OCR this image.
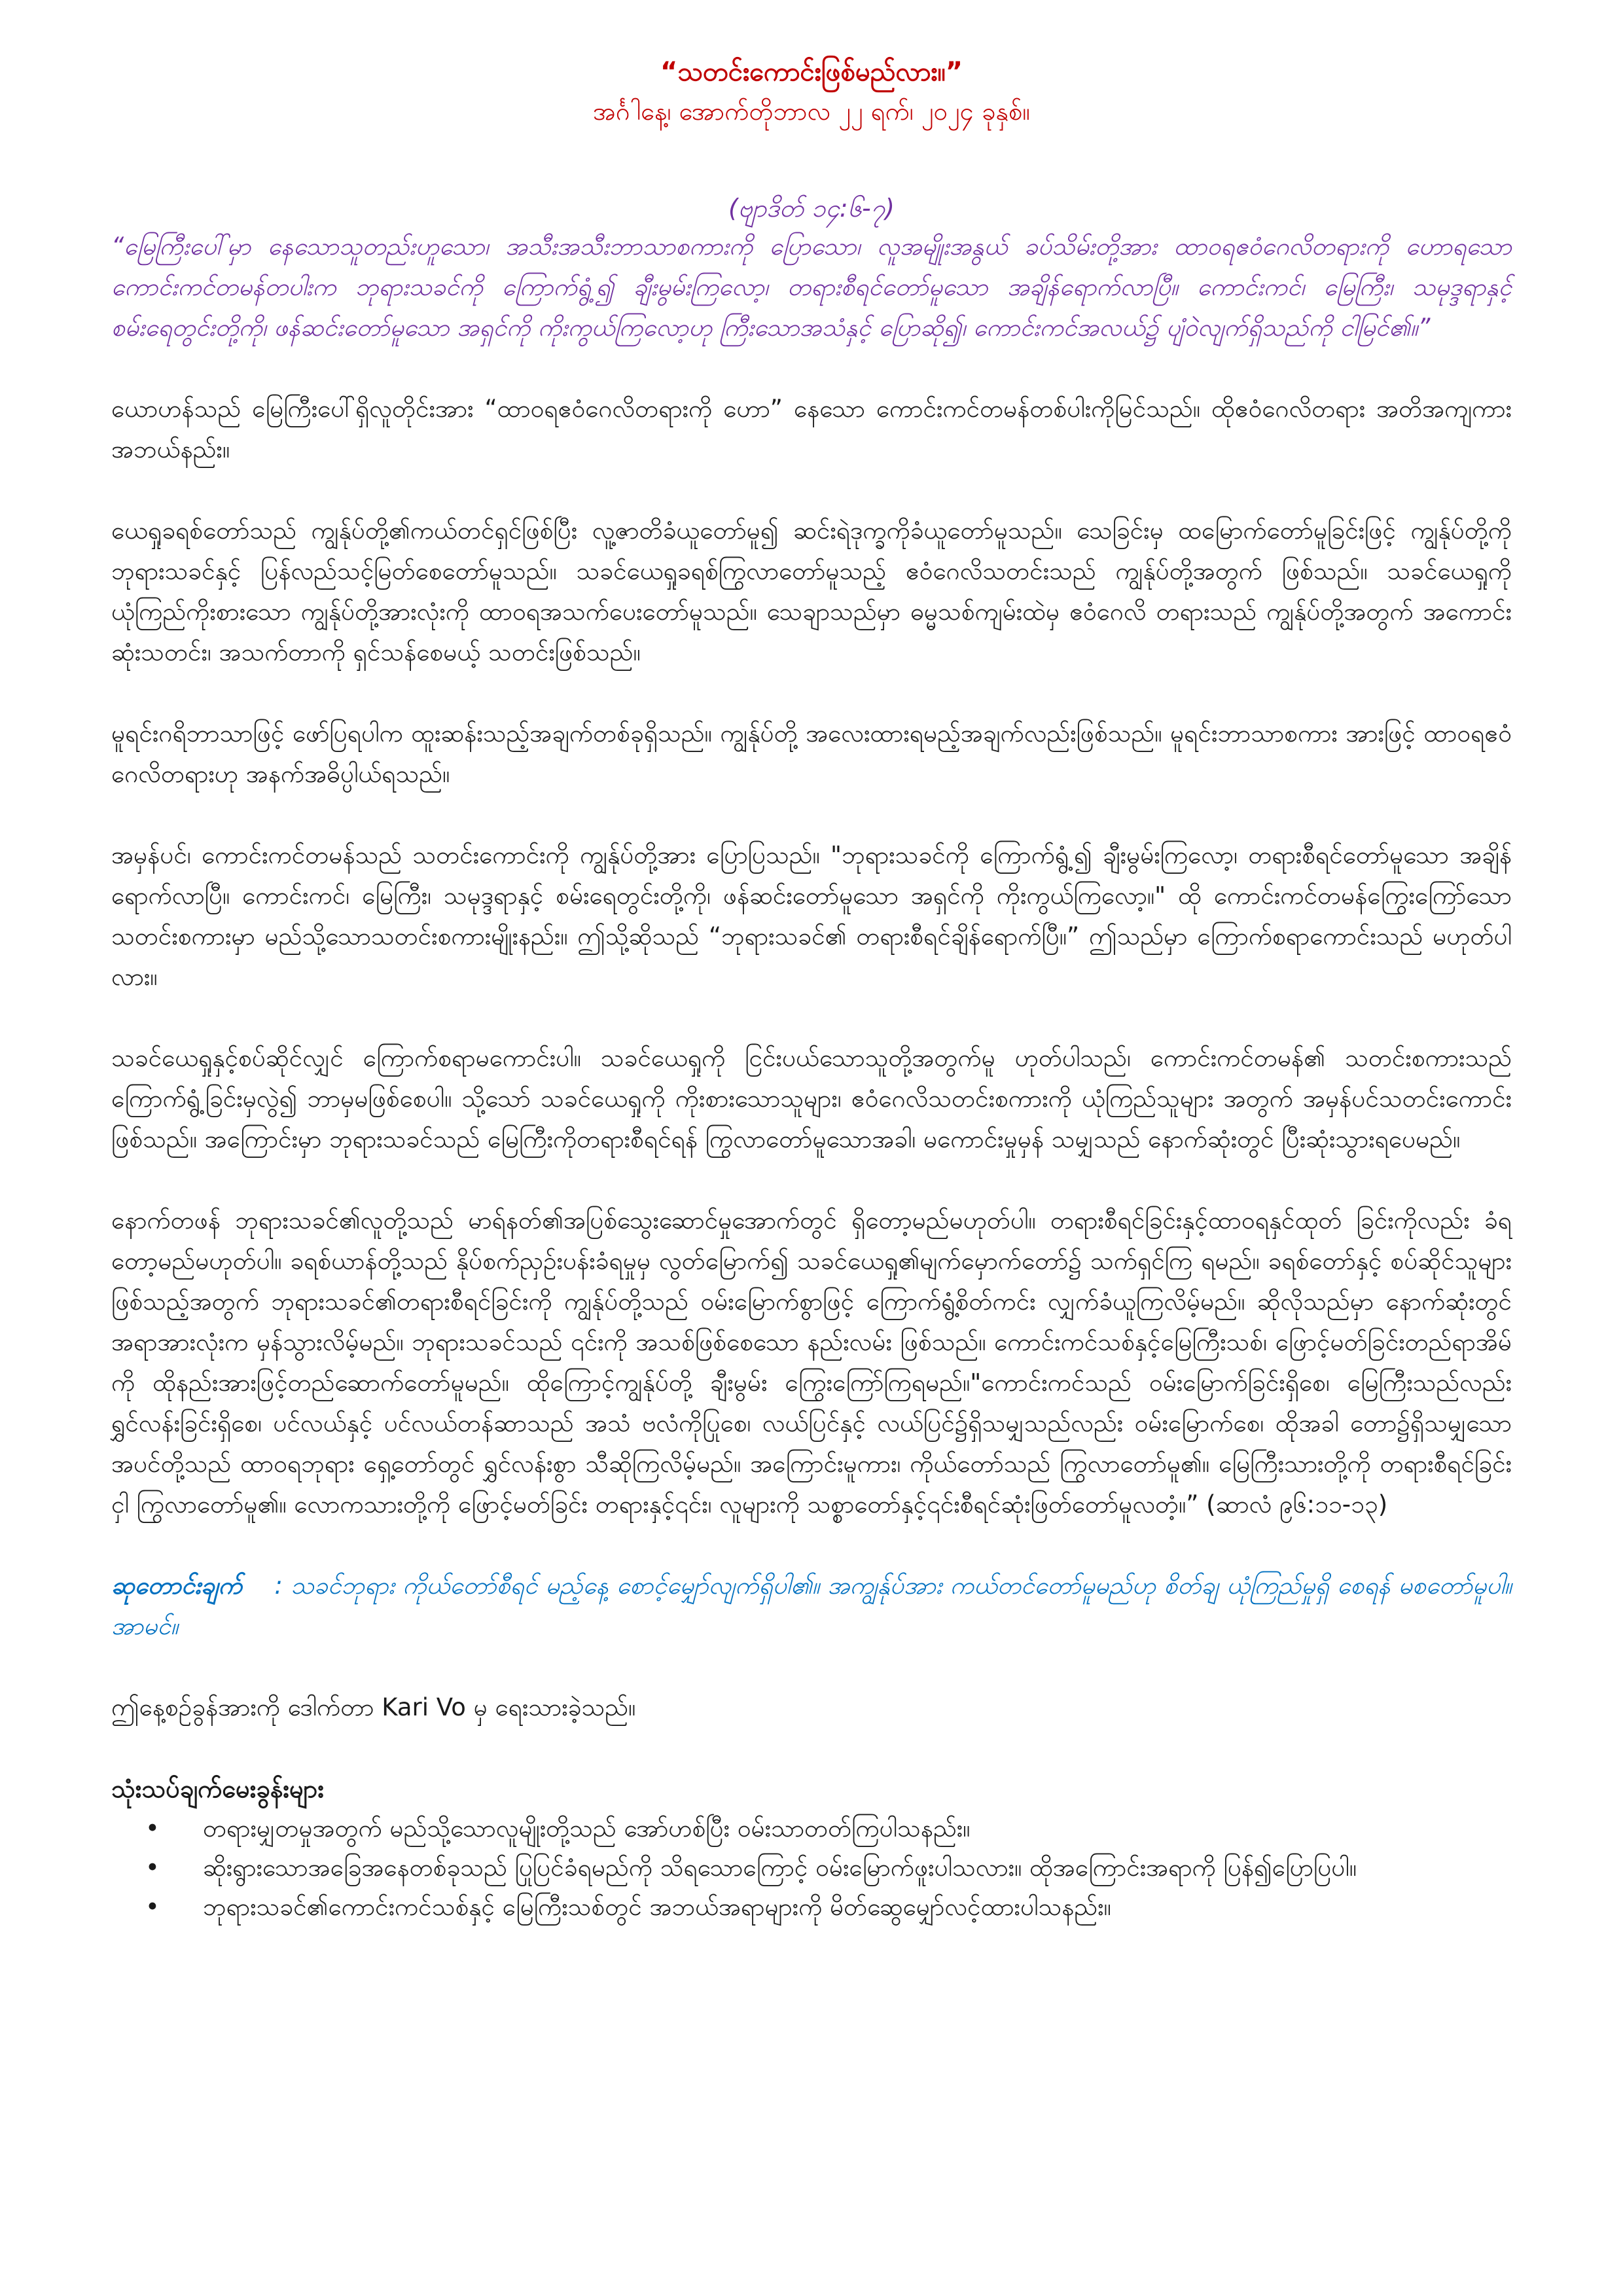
“သတင်းကောင်းဖြစ်မည်လား။”

အင်္ဂါနေ့၊ အောက်တိုဘာလ ၂၂ ရက်၊ ၂၀၂၄ ခုနှစ်။

(ဗျာဒိတ် ၁၄:၆-၇)

“မြေကြီးပေါ်မှာ နေသောသူတည်းဟူသော၊ အသီးအသီးဘာသာစကားကို ပြောသော၊ လူအမျိုးအနွယ် ခပ်သိမ်းတို့အား ထာဝရဧဝံဂေလိတရားကို ဟောရသော ကောင်းကင်တမန်တပါးက ဘုရားသခင်ကို ကြောက်ရွံ့၍ ချီးမွမ်းကြလော့၊ တရားစီရင်တော်မူသော အချိန်ရောက်လာပြီ။ ကောင်းကင်၊ မြေကြီး၊ သမုဒ္ဒရာနှင့် စမ်းရေတွင်းတို့ကို၊ ဖန်ဆင်းတော်မူသော အရှင်ကို ကိုးကွယ်ကြလော့ဟု ကြီးသောအသံနှင့် ပြောဆို၍၊ ကောင်းကင်အလယ်၌ ပျံဝဲလျက်ရှိသည်ကို ငါမြင်၏။”

ယောဟန်သည် မြေကြီးပေါ်ရှိလူတိုင်းအား “ထာဝရဧဝံဂေလိတရားကို ဟော” နေသော ကောင်းကင်တမန်တစ်ပါးကိုမြင်သည်။ ထိုဧဝံဂေလိတရား အတိအကျကား အဘယ်နည်း။

ယေရှုခရစ်တော်သည် ကျွန်ုပ်တို့၏ကယ်တင်ရှင်ဖြစ်ပြီး လူ့ဇာတိခံယူတော်မူ၍ ဆင်းရဲဒုက္ခကိုခံယူတော်မူသည်။ သေခြင်းမှ ထမြောက်တော်မူခြင်းဖြင့် ကျွန်ုပ်တို့ကို ဘုရားသခင်နှင့် ပြန်လည်သင့်မြတ်စေတော်မူသည်။ သခင်ယေရှုခရစ်ကြွလာတော်မူသည့် ဧဝံဂေလိသတင်းသည် ကျွန်ုပ်တို့အတွက် ဖြစ်သည်။ သခင်ယေရှုကိုယုံကြည်ကိုးစားသော ကျွန်ုပ်တို့အားလုံးကို ထာဝရအသက်ပေးတော်မူသည်။ သေချာသည်မှာ ဓမ္မသစ်ကျမ်းထဲမှ ဧဝံဂေလိ တရားသည် ကျွန်ုပ်တို့အတွက် အကောင်းဆုံးသတင်း၊ အသက်တာကို ရှင်သန်စေမယ့် သတင်းဖြစ်သည်။

မူရင်းဂရိဘာသာဖြင့် ဖော်ပြရပါက ထူးဆန်းသည့်အချက်တစ်ခုရှိသည်။ ကျွန်ုပ်တို့ အလေးထားရမည့်အချက်လည်းဖြစ်သည်။ မူရင်းဘာသာစကား အားဖြင့် ထာဝရဧဝံဂေလိတရားဟု အနက်အဓိပ္ပါယ်ရသည်။

အမှန်ပင်၊ ကောင်းကင်တမန်သည် သတင်းကောင်းကို ကျွန်ုပ်တို့အား ပြောပြသည်။ "ဘုရားသခင်ကို ကြောက်ရွံ့၍ ချီးမွမ်းကြလော့၊ တရားစီရင်တော်မူသော အချိန်ရောက်လာပြီ။ ကောင်းကင်၊ မြေကြီး၊ သမုဒ္ဒရာနှင့် စမ်းရေတွင်းတို့ကို၊ ဖန်ဆင်းတော်မူသော အရှင်ကို ကိုးကွယ်ကြလော့။" ထို ကောင်းကင်တမန်ကြွေးကြော်သောသတင်းစကားမှာ မည်သို့သောသတင်းစကားမျိုးနည်း။ ဤသို့ဆိုသည် “ဘုရားသခင်၏ တရားစီရင်ချိန်ရောက်ပြီ။” ဤသည်မှာ ကြောက်စရာကောင်းသည် မဟုတ်ပါလား။

သခင်ယေရှုနှင့်စပ်ဆိုင်လျှင် ကြောက်စရာမကောင်းပါ။ သခင်ယေရှုကို ငြင်းပယ်သောသူတို့အတွက်မူ ဟုတ်ပါသည်၊ ကောင်းကင်တမန်၏ သတင်းစကားသည် ကြောက်ရွံ့ခြင်းမှလွဲ၍ ဘာမှမဖြစ်စေပါ။ သို့သော် သခင်ယေရှုကို ကိုးစားသောသူများ၊ ဧဝံဂေလိသတင်းစကားကို ယုံကြည်သူများ အတွက် အမှန်ပင်သတင်းကောင်းဖြစ်သည်။ အကြောင်းမှာ ဘုရားသခင်သည် မြေကြီးကိုတရားစီရင်ရန် ကြွလာတော်မူသောအခါ၊ မကောင်းမှုမှန် သမျှသည် နောက်ဆုံးတွင် ပြီးဆုံးသွားရပေမည်။

နောက်တဖန် ဘုရားသခင်၏လူတို့သည် မာရ်နတ်၏အပြစ်သွေးဆောင်မှုအောက်တွင် ရှိတော့မည်မဟုတ်ပါ။ တရားစီရင်ခြင်းနှင့်ထာဝရနှင်ထုတ် ခြင်းကိုလည်း ခံရတော့မည်မဟုတ်ပါ။ ခရစ်ယာန်တို့သည် နိုပ်စက်ညှဥ်းပန်းခံရမှုမှ လွတ်မြောက်၍ သခင်ယေရှု၏မျက်မှောက်တော်၌ သက်ရှင်ကြ ရမည်။ ခရစ်တော်နှင့် စပ်ဆိုင်သူများဖြစ်သည့်အတွက် ဘုရားသခင်၏တရားစီရင်ခြင်းကို ကျွန်ုပ်တို့သည် ဝမ်းမြောက်စွာဖြင့် ကြောက်ရွံ့စိတ်ကင်း လျှက်ခံယူကြလိမ့်မည်။ ဆိုလိုသည်မှာ နောက်ဆုံးတွင် အရာအားလုံးက မှန်သွားလိမ့်မည်။ ဘုရားသခင်သည် ၎င်းကို အသစ်ဖြစ်စေသော နည်းလမ်း ဖြစ်သည်။ ကောင်းကင်သစ်နှင့်မြေကြီးသစ်၊ ဖြောင့်မတ်ခြင်းတည်ရာအိမ်ကို ထိုနည်းအားဖြင့်တည်ဆောက်တော်မူမည်။ ထိုကြောင့်ကျွန်ုပ်တို့ ချီးမွမ်း ကြွေးကြော်ကြရမည်။"ကောင်းကင်သည် ဝမ်းမြောက်ခြင်းရှိစေ၊ မြေကြီးသည်လည်း ရွှင်လန်းခြင်းရှိစေ၊ ပင်လယ်နှင့် ပင်လယ်တန်ဆာသည် အသံ ဗလံကိုပြုစေ၊ လယ်ပြင်နှင့် လယ်ပြင်၌ရှိသမျှသည်လည်း ဝမ်းမြောက်စေ၊ ထိုအခါ တော၌ရှိသမျှသော အပင်တို့သည် ထာဝရဘုရား ရှေ့တော်တွင် ရွှင်လန်းစွာ သီဆိုကြလိမ့်မည်။ အကြောင်းမူကား၊ ကိုယ်တော်သည် ကြွလာတော်မူ၏။ မြေကြီးသားတို့ကို တရားစီရင်ခြင်းငှါ ကြွလာတော်မူ၏။ လောကသားတို့ကို ဖြောင့်မတ်ခြင်း တရားနှင့်၎င်း၊ လူများကို သစ္စာတော်နှင့်၎င်းစီရင်ဆုံးဖြတ်တော်မူလတံ့။” (ဆာလံ ၉၆:၁၁-၁၃)

ဆုတောင်းချက်    : သခင်ဘုရား ကိုယ်တော်စီရင် မည့်နေ့ စောင့်မျှော်လျက်ရှိပါ၏။ အကျွန်ုပ်အား ကယ်တင်တော်မူမည်ဟု စိတ်ချ ယုံကြည်မှုရှိ စေရန် မစတော်မူပါ။ အာမင်။

ဤနေ့စဥ်ခွန်အားကို ဒေါက်တာ Kari Vo မှ ရေးသားခဲ့သည်။

သုံးသပ်ချက်မေးခွန်းများ

• တရားမျှတမှုအတွက် မည်သို့သောလူမျိုးတို့သည် အော်ဟစ်ပြီး ဝမ်းသာတတ်ကြပါသနည်း။
• ဆိုးရွားသောအခြေအနေတစ်ခုသည် ပြုပြင်ခံရမည်ကို သိရသောကြောင့် ဝမ်းမြောက်ဖူးပါသလား။ ထိုအကြောင်းအရာကို ပြန်၍ပြောပြပါ။
• ဘုရားသခင်၏ကောင်းကင်သစ်နှင့် မြေကြီးသစ်တွင် အဘယ်အရာများကို မိတ်ဆွေမျှော်လင့်ထားပါသနည်း။
